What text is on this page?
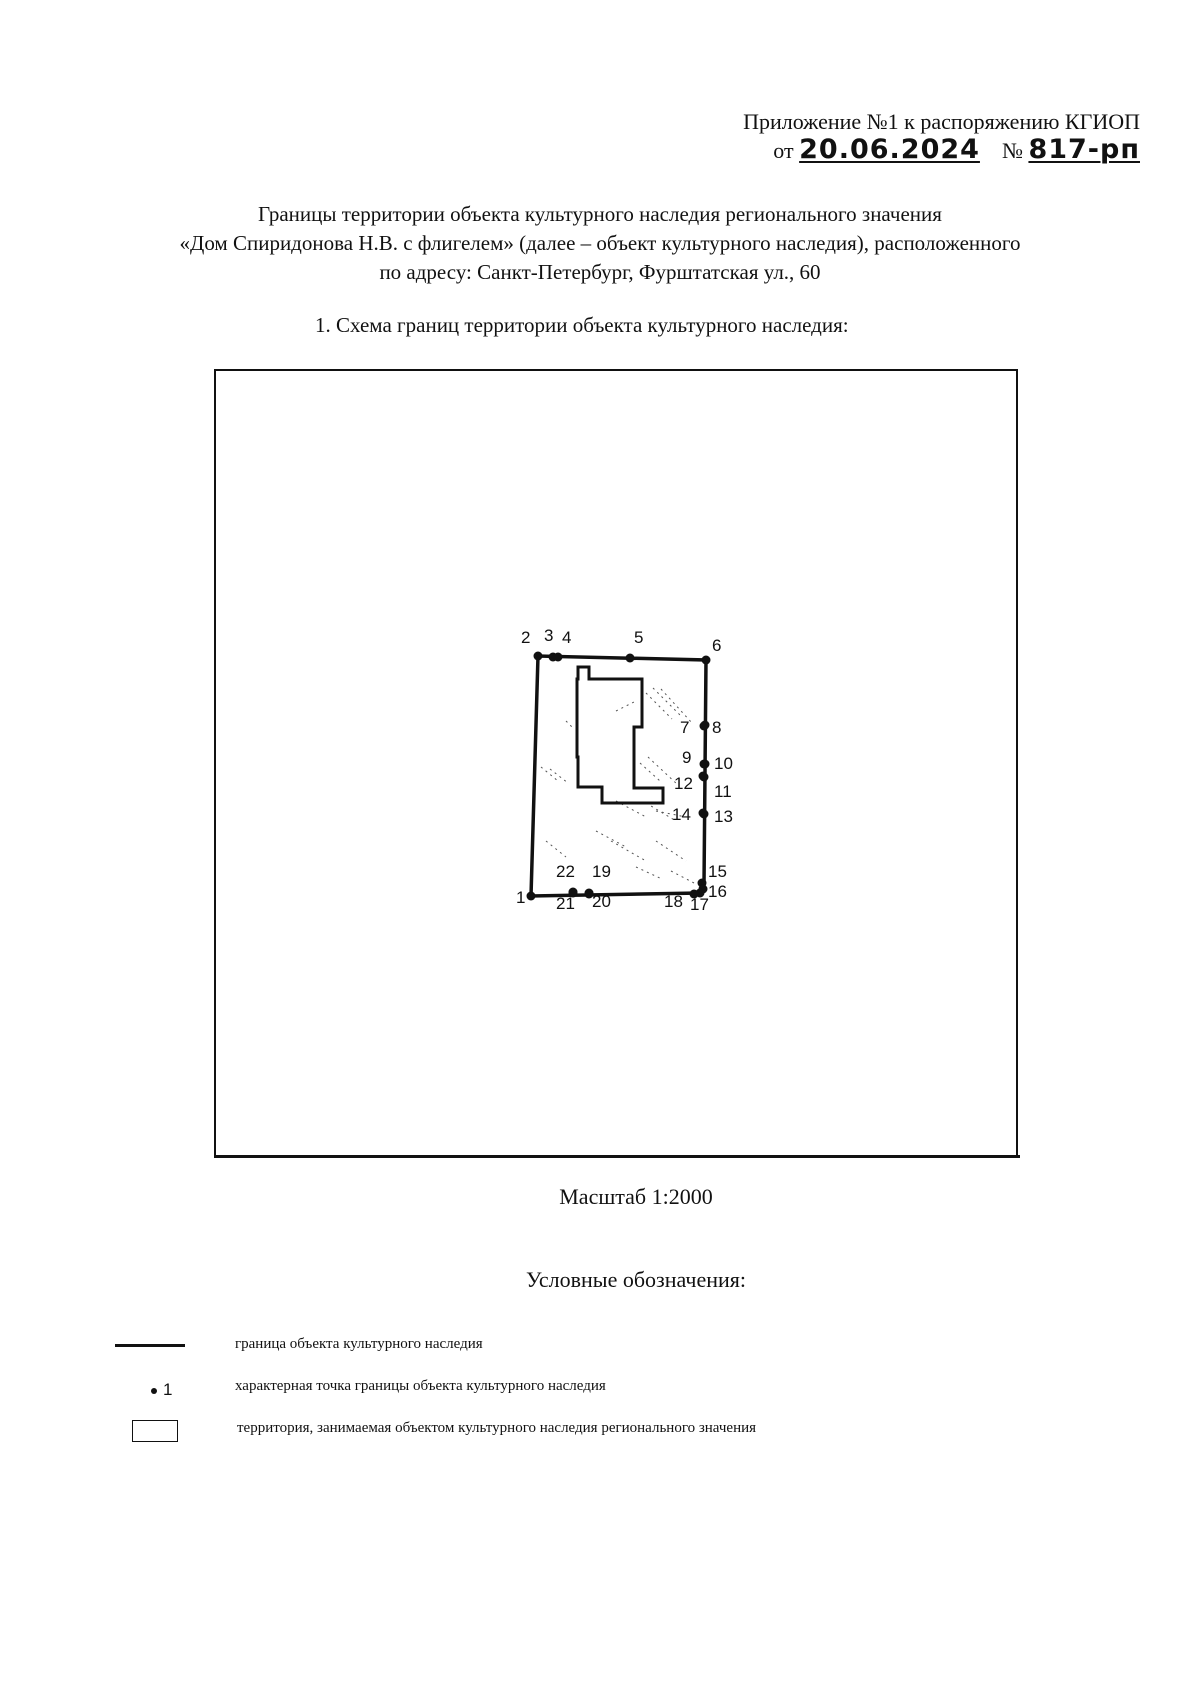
Приложение №1 к распоряжению КГИОП
от 20.06.2024 № 817-рп
Границы территории объекта культурного наследия регионального значения
«Дом Спиридонова Н.В. с флигелем» (далее – объект культурного наследия), расположенного
по адресу: Санкт-Петербург, Фурштатская ул., 60
1. Схема границ территории объекта культурного наследия:
1
2 3 4	5	6
7 8
9 10
11
12
13
14
15
16
17
18
19
20
21
22
Масштаб 1:2000
Условные обозначения:
граница объекта культурного наследия
1	характерная точка границы объекта культурного наследия
территория, занимаемая объектом культурного наследия регионального значения
